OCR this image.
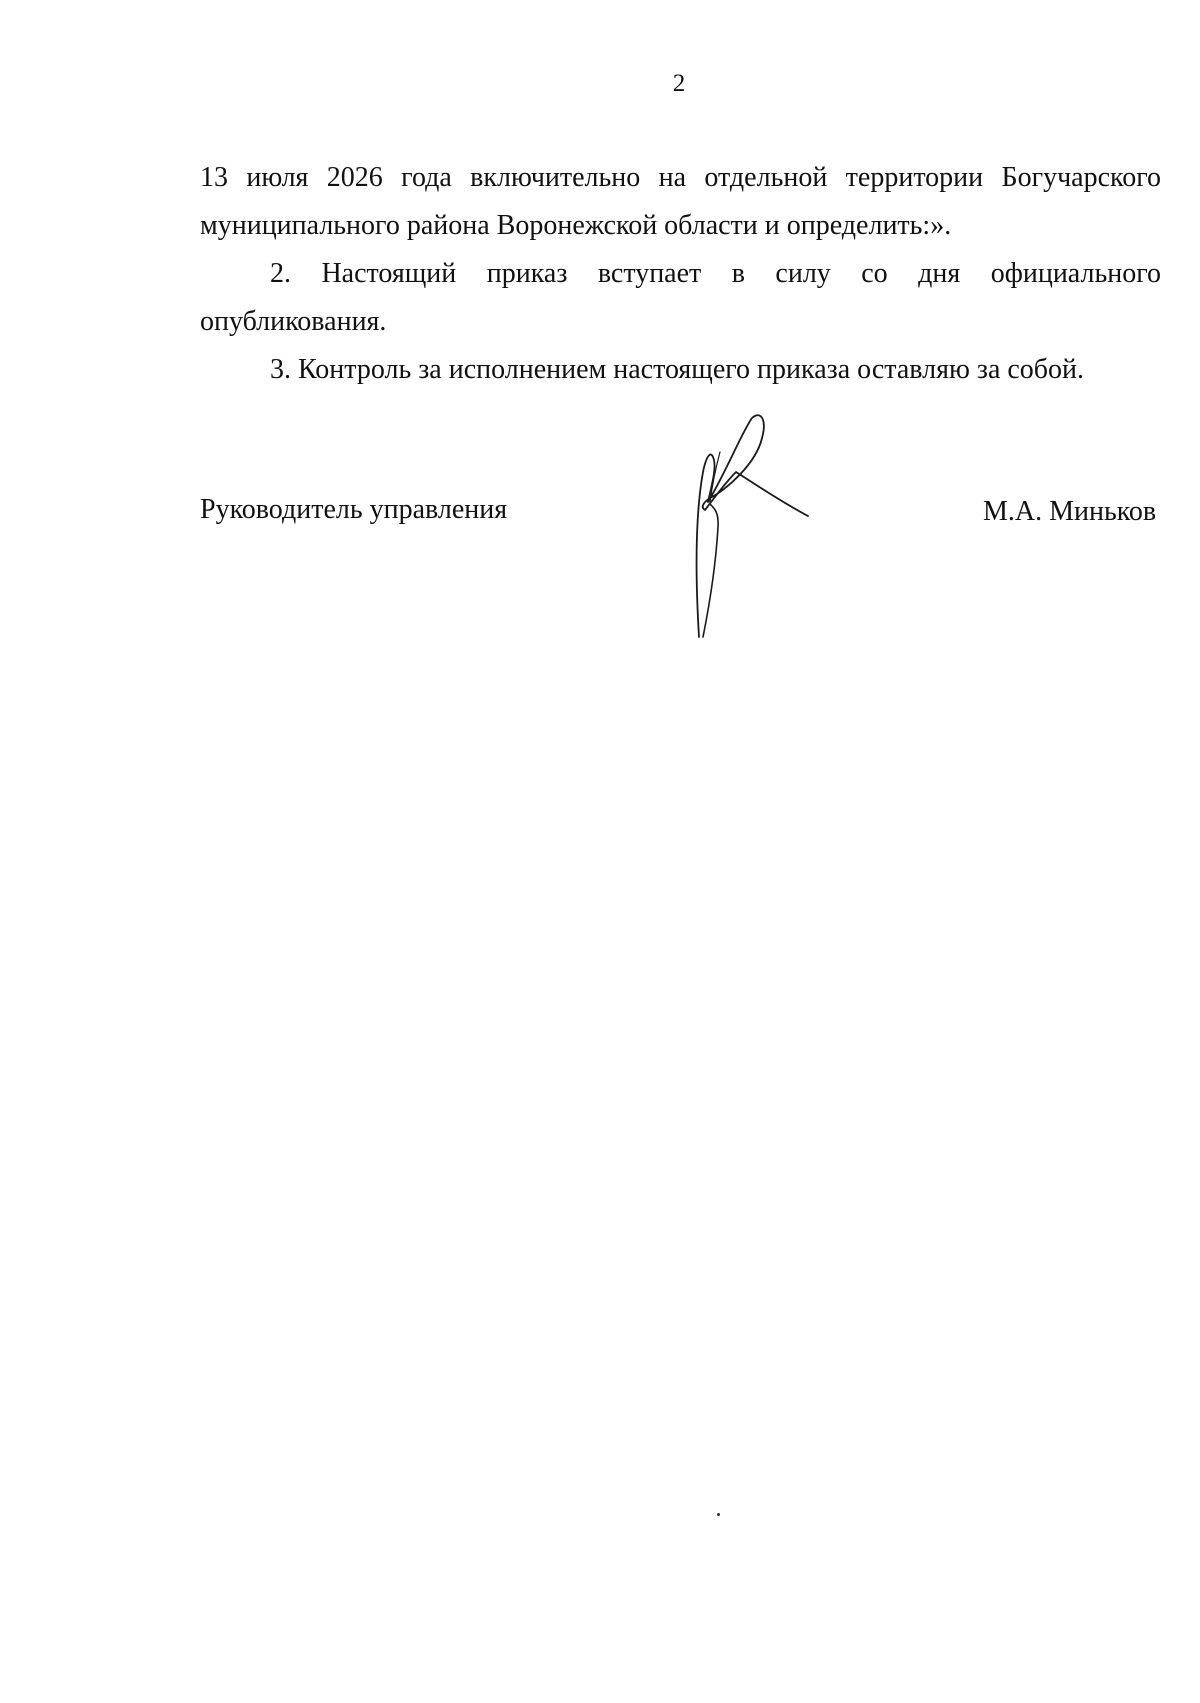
2

13 июля 2026 года включительно на отдельной территории Богучарского муниципального района Воронежской области и определить:».

2. Настоящий приказ вступает в силу со дня официального опубликования.

3. Контроль за исполнением настоящего приказа оставляю за собой.

Руководитель управления	М.А. Миньков
